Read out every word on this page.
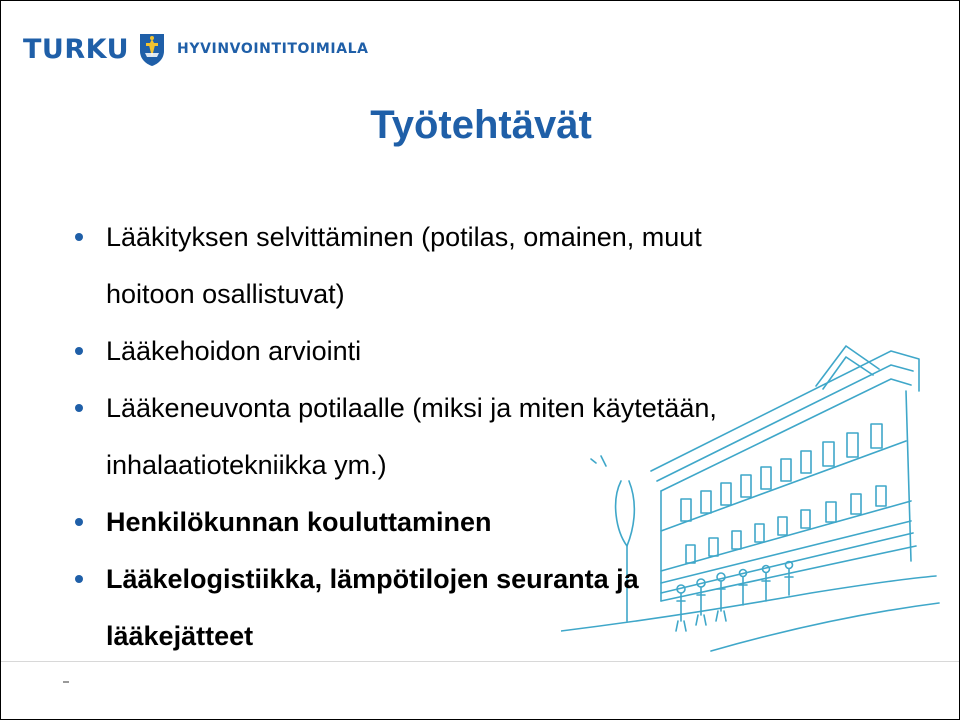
TURKU	HYVINVOINTITOIMIALA
Työtehtävät
Lääkityksen selvittäminen (potilas, omainen, muut
hoitoon osallistuvat)
Lääkehoidon arviointi
Lääkeneuvonta potilaalle (miksi ja miten käytetään,
inhalaatiotekniikka ym.)
Henkilökunnan kouluttaminen
Lääkelogistiikka, lämpötilojen seuranta ja
lääkejätteet
